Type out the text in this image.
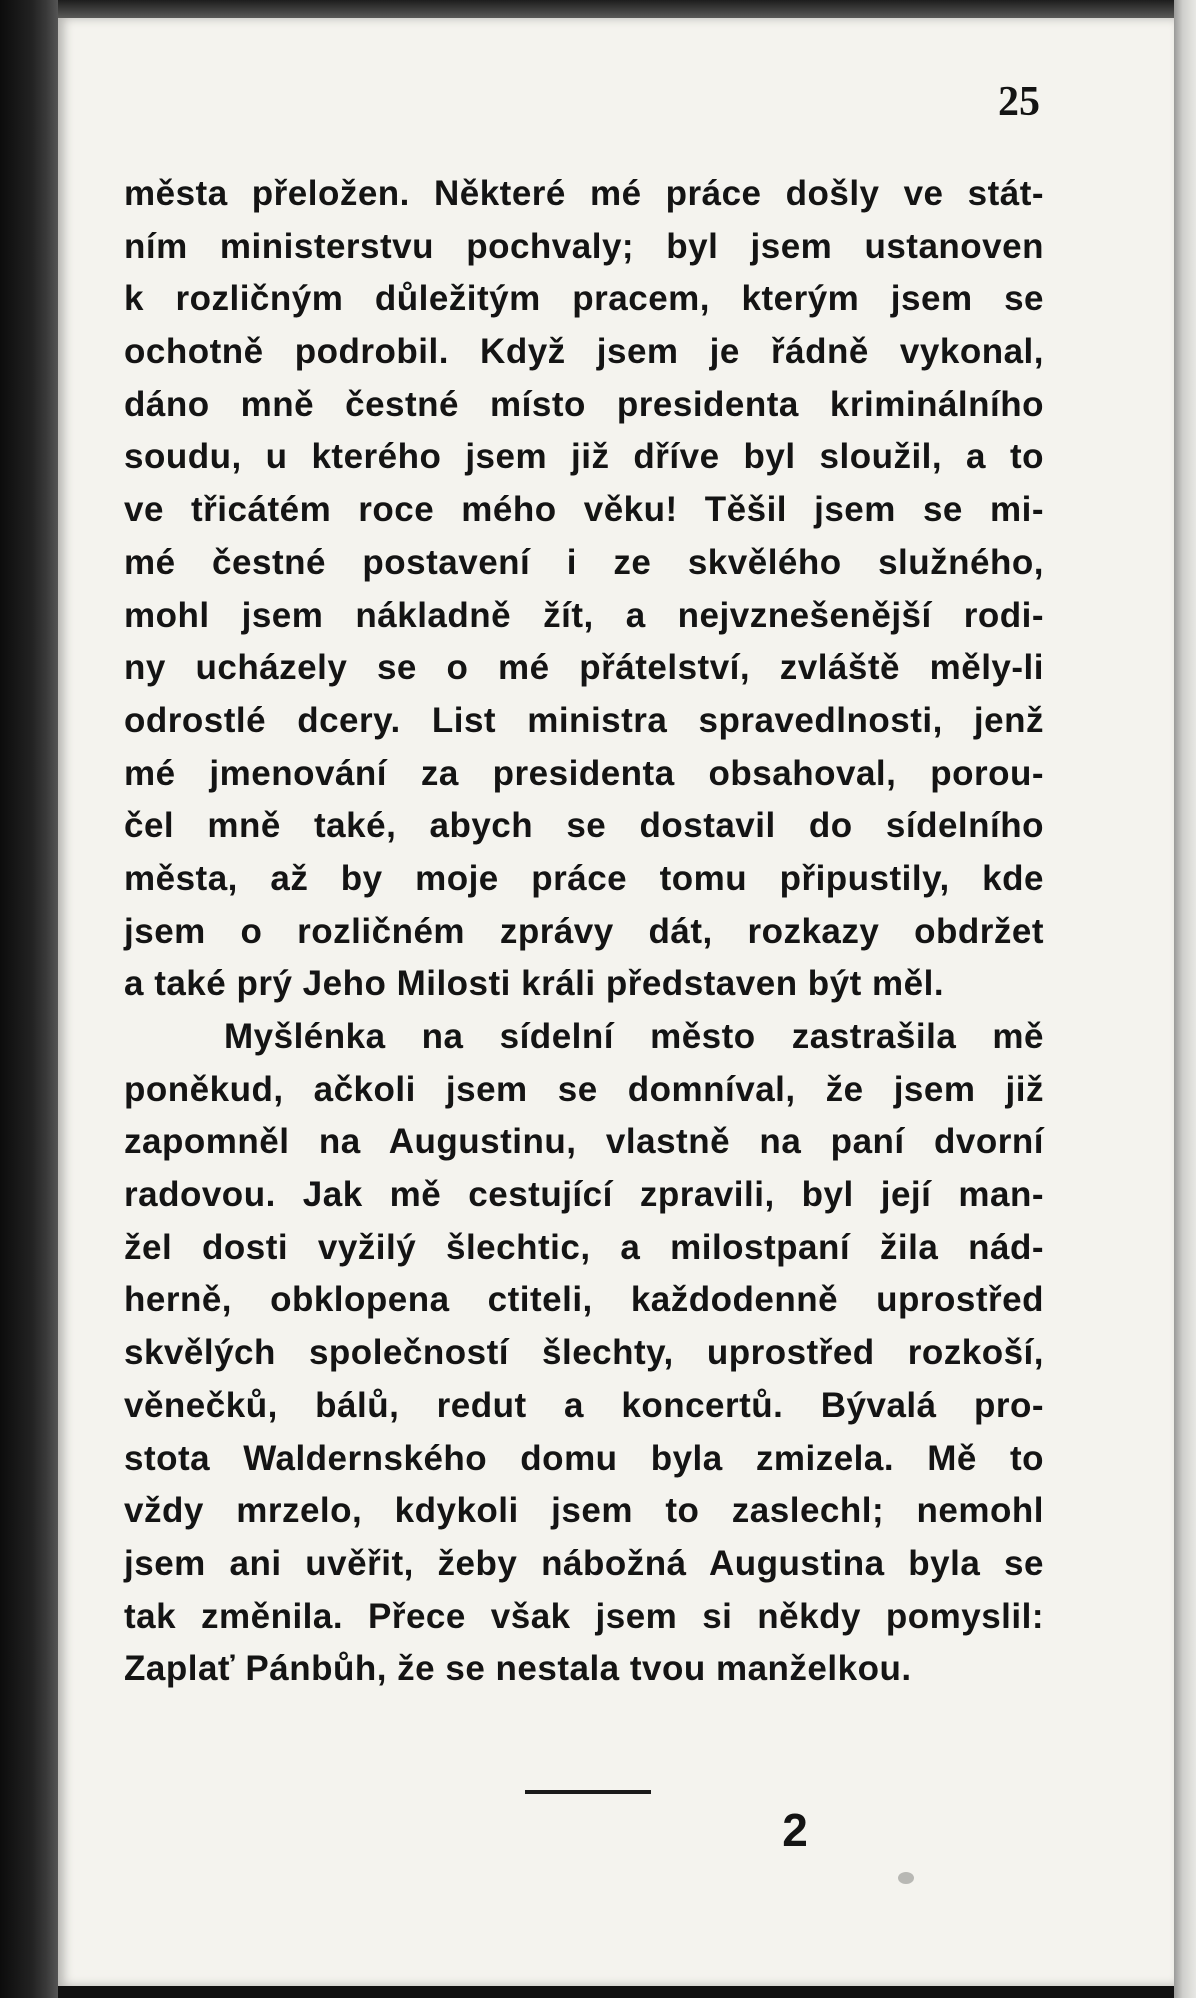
25
města přeložen. Některé mé práce došly ve stát-
ním ministerstvu pochvaly; byl jsem ustanoven
k rozličným důležitým pracem, kterým jsem se
ochotně podrobil. Když jsem je řádně vykonal,
dáno mně čestné místo presidenta kriminálního
soudu, u kterého jsem již dříve byl sloužil, a to
ve třicátém roce mého věku! Těšil jsem se mi-
mé čestné postavení i ze skvělého služného,
mohl jsem nákladně žít, a nejvznešenější rodi-
ny ucházely se o mé přátelství, zvláště měly-li
odrostlé dcery. List ministra spravedlnosti, jenž
mé jmenování za presidenta obsahoval, porou-
čel mně také, abych se dostavil do sídelního
města, až by moje práce tomu připustily, kde
jsem o rozličném zprávy dát, rozkazy obdržet
a také prý Jeho Milosti králi představen být měl.
Myšlénka na sídelní město zastrašila mě
poněkud, ačkoli jsem se domníval, že jsem již
zapomněl na Augustinu, vlastně na paní dvorní
radovou. Jak mě cestující zpravili, byl její man-
žel dosti vyžilý šlechtic, a milostpaní žila nád-
herně, obklopena ctiteli, každodenně uprostřed
skvělých společností šlechty, uprostřed rozkoší,
věnečků, bálů, redut a koncertů. Bývalá pro-
stota Waldernského domu byla zmizela. Mě to
vždy mrzelo, kdykoli jsem to zaslechl; nemohl
jsem ani uvěřit, žeby nábožná Augustina byla se
tak změnila. Přece však jsem si někdy pomyslil:
Zaplať Pánbůh, že se nestala tvou manželkou.
2
